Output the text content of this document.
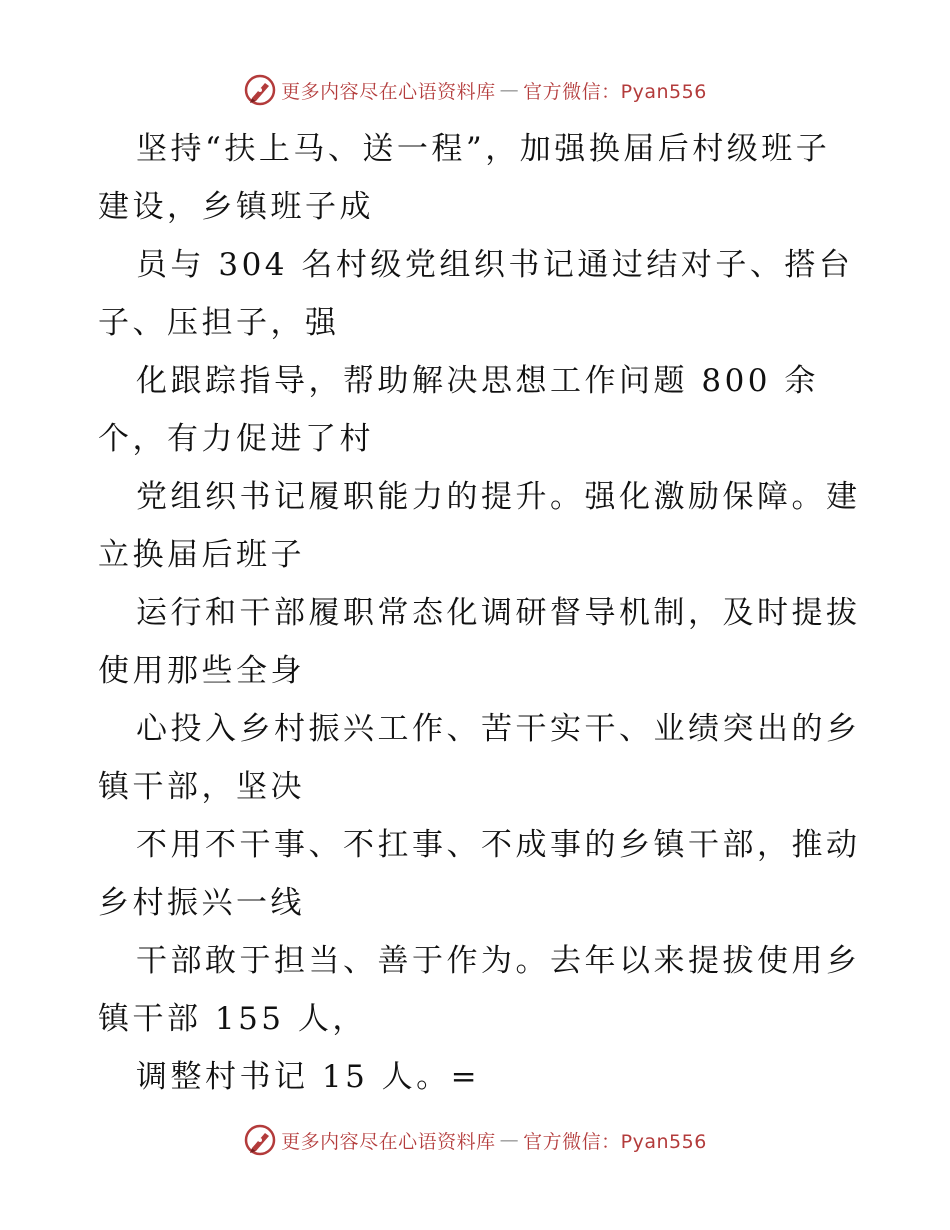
更多内容尽在心语资料库 — 官方微信：Pyan556
坚持“扶上马、送一程”，加强换届后村级班子
建设，乡镇班子成
员与 304 名村级党组织书记通过结对子、搭台
子、压担子，强
化跟踪指导，帮助解决思想工作问题 800 余
个，有力促进了村
党组织书记履职能力的提升。强化激励保障。建
立换届后班子
运行和干部履职常态化调研督导机制，及时提拔
使用那些全身
心投入乡村振兴工作、苦干实干、业绩突出的乡
镇干部，坚决
不用不干事、不扛事、不成事的乡镇干部，推动
乡村振兴一线
干部敢于担当、善于作为。去年以来提拔使用乡
镇干部 155 人，
调整村书记 15 人。=
更多内容尽在心语资料库 — 官方微信：Pyan556
